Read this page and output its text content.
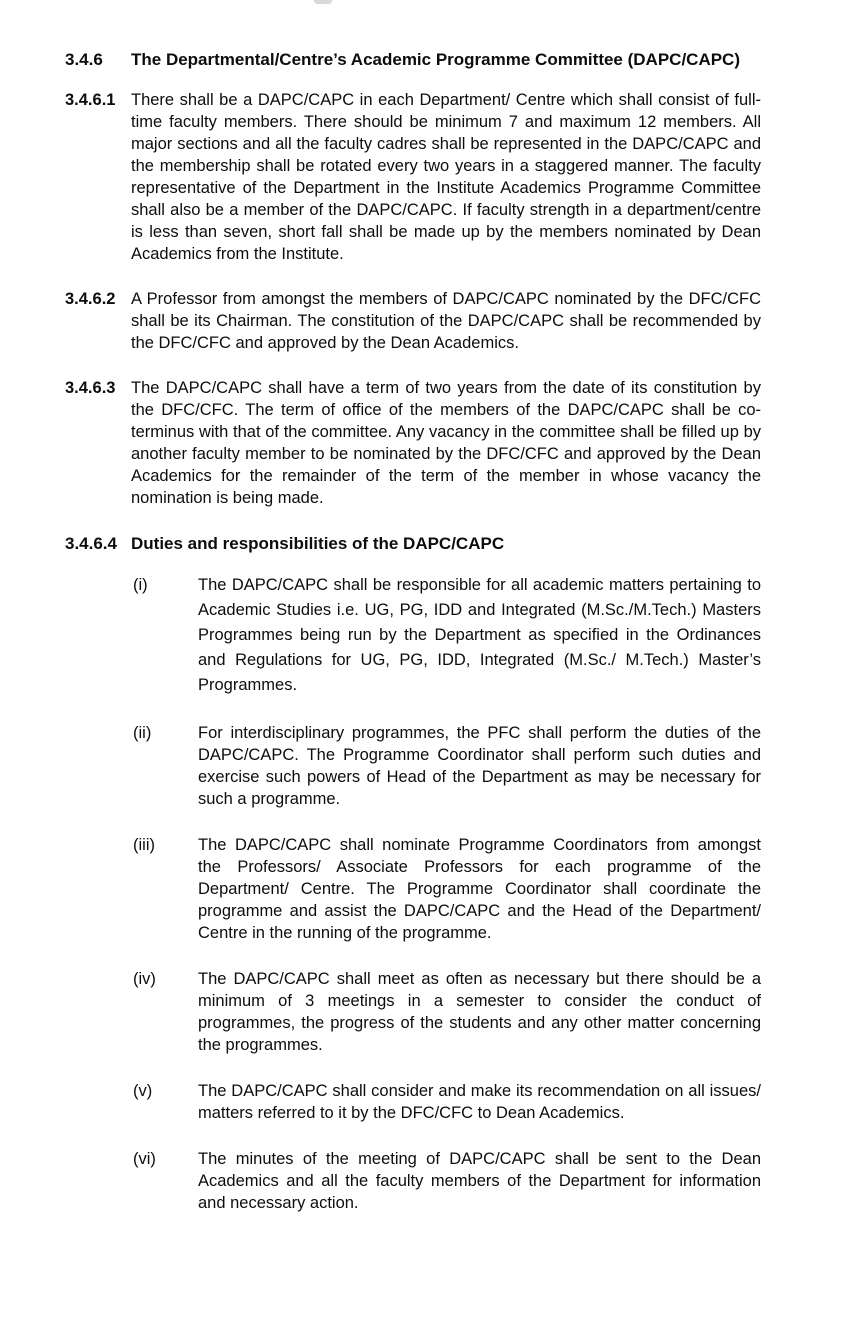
3.4.6	The Departmental/Centre’s Academic Programme Committee (DAPC/​CAPC)
3.4.6.1 There shall be a DAPC/CAPC in each Department/ Centre which shall consist of full-time faculty members. There should be minimum 7 and maximum 12 members. All major sections and all the faculty cadres shall be represented in the DAPC/CAPC and the membership shall be rotated every two years in a staggered manner. The faculty representative of the Department in the Institute Academics Programme Committee shall also be a member of the DAPC/CAPC. If faculty strength in a department/centre is less than seven, short fall shall be made up by the members nominated by Dean Academics from the Institute.

3.4.6.2 A Professor from amongst the members of DAPC/CAPC nominated by the DFC/CFC shall be its Chairman. The constitution of the DAPC/CAPC shall be recommended by the DFC/CFC and approved by the Dean Academics.

3.4.6.3 The DAPC/CAPC shall have a term of two years from the date of its constitution by the DFC/CFC. The term of office of the members of the DAPC/CAPC shall be co-terminus with that of the committee. Any vacancy in the committee shall be filled up by another faculty member to be nominated by the DFC/​CFC and approved by the Dean Academics for the remainder of the term of the member in whose vacancy the nomination is being made.

3.4.6.4 Duties and responsibilities of the DAPC/CAPC
(i)	The DAPC/CAPC shall be responsible for all academic matters pertaining to Academic Studies i.e. UG, PG, IDD and Integrated (M.Sc./M.Tech.) Masters Programmes being run by the Department as specified in the Ordinances and Regulations for UG, PG, IDD, Integrated (M.Sc./ M.Tech.) Master’s Programmes.

(ii)	For interdisciplinary programmes, the PFC shall perform the duties of the DAPC/CAPC. The Programme Coordinator shall perform such duties and exercise such powers of Head of the Department as may be necessary for such a programme.

(iii)	The DAPC/CAPC shall nominate Programme Coordinators from amongst the Professors/ Associate Professors for each programme of the Department/ Centre. The Programme Coordinator shall coordinate the programme and assist the DAPC/CAPC and the Head of the Department/ Centre in the running of the programme.

(iv)	The DAPC/CAPC shall meet as often as necessary but there should be a minimum of 3 meetings in a semester to consider the conduct of programmes, the progress of the students and any other matter concerning the programmes.

(v)	The DAPC/CAPC shall consider and make its recommendation on all issues/ matters referred to it by the DFC/CFC to Dean Academics.

(vi)	The minutes of the meeting of DAPC/CAPC shall be sent to the Dean Academics and all the faculty members of the Department for information and necessary action.
